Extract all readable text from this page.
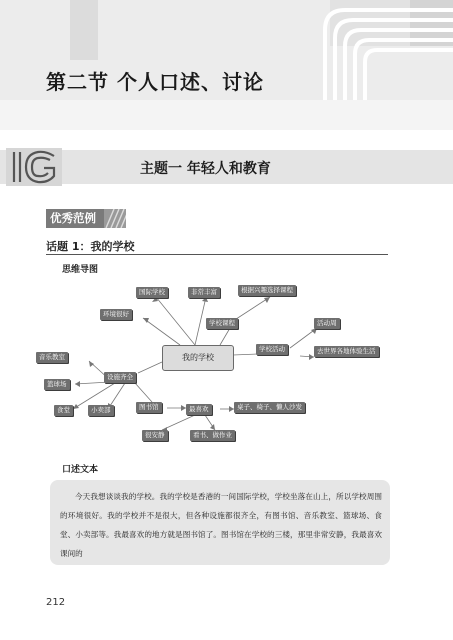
第二节 个人口述、讨论
主题一 年轻人和教育
优秀范例
话题 1：我的学校
思维导图
我的学校
国际学校	非常丰富	根据兴趣选择课程
环境很好
学校课程	活动周
学校活动	去世界各地体验生活
音乐教室
设施齐全
篮球场
食堂	小卖部	图书馆	最喜欢	桌子、椅子、懒人沙发
很安静	看书、做作业
口述文本
今天我想谈谈我的学校。我的学校是香港的一间国际学校，学校坐落在山上，所以学校周围的环境很好。我的学校并不是很大，但各种设施都很齐全，有图书馆、音乐教室、篮球场、食堂、小卖部等。我最喜欢的地方就是图书馆了。图书馆在学校的三楼，那里非常安静，我最喜欢课间的
212
